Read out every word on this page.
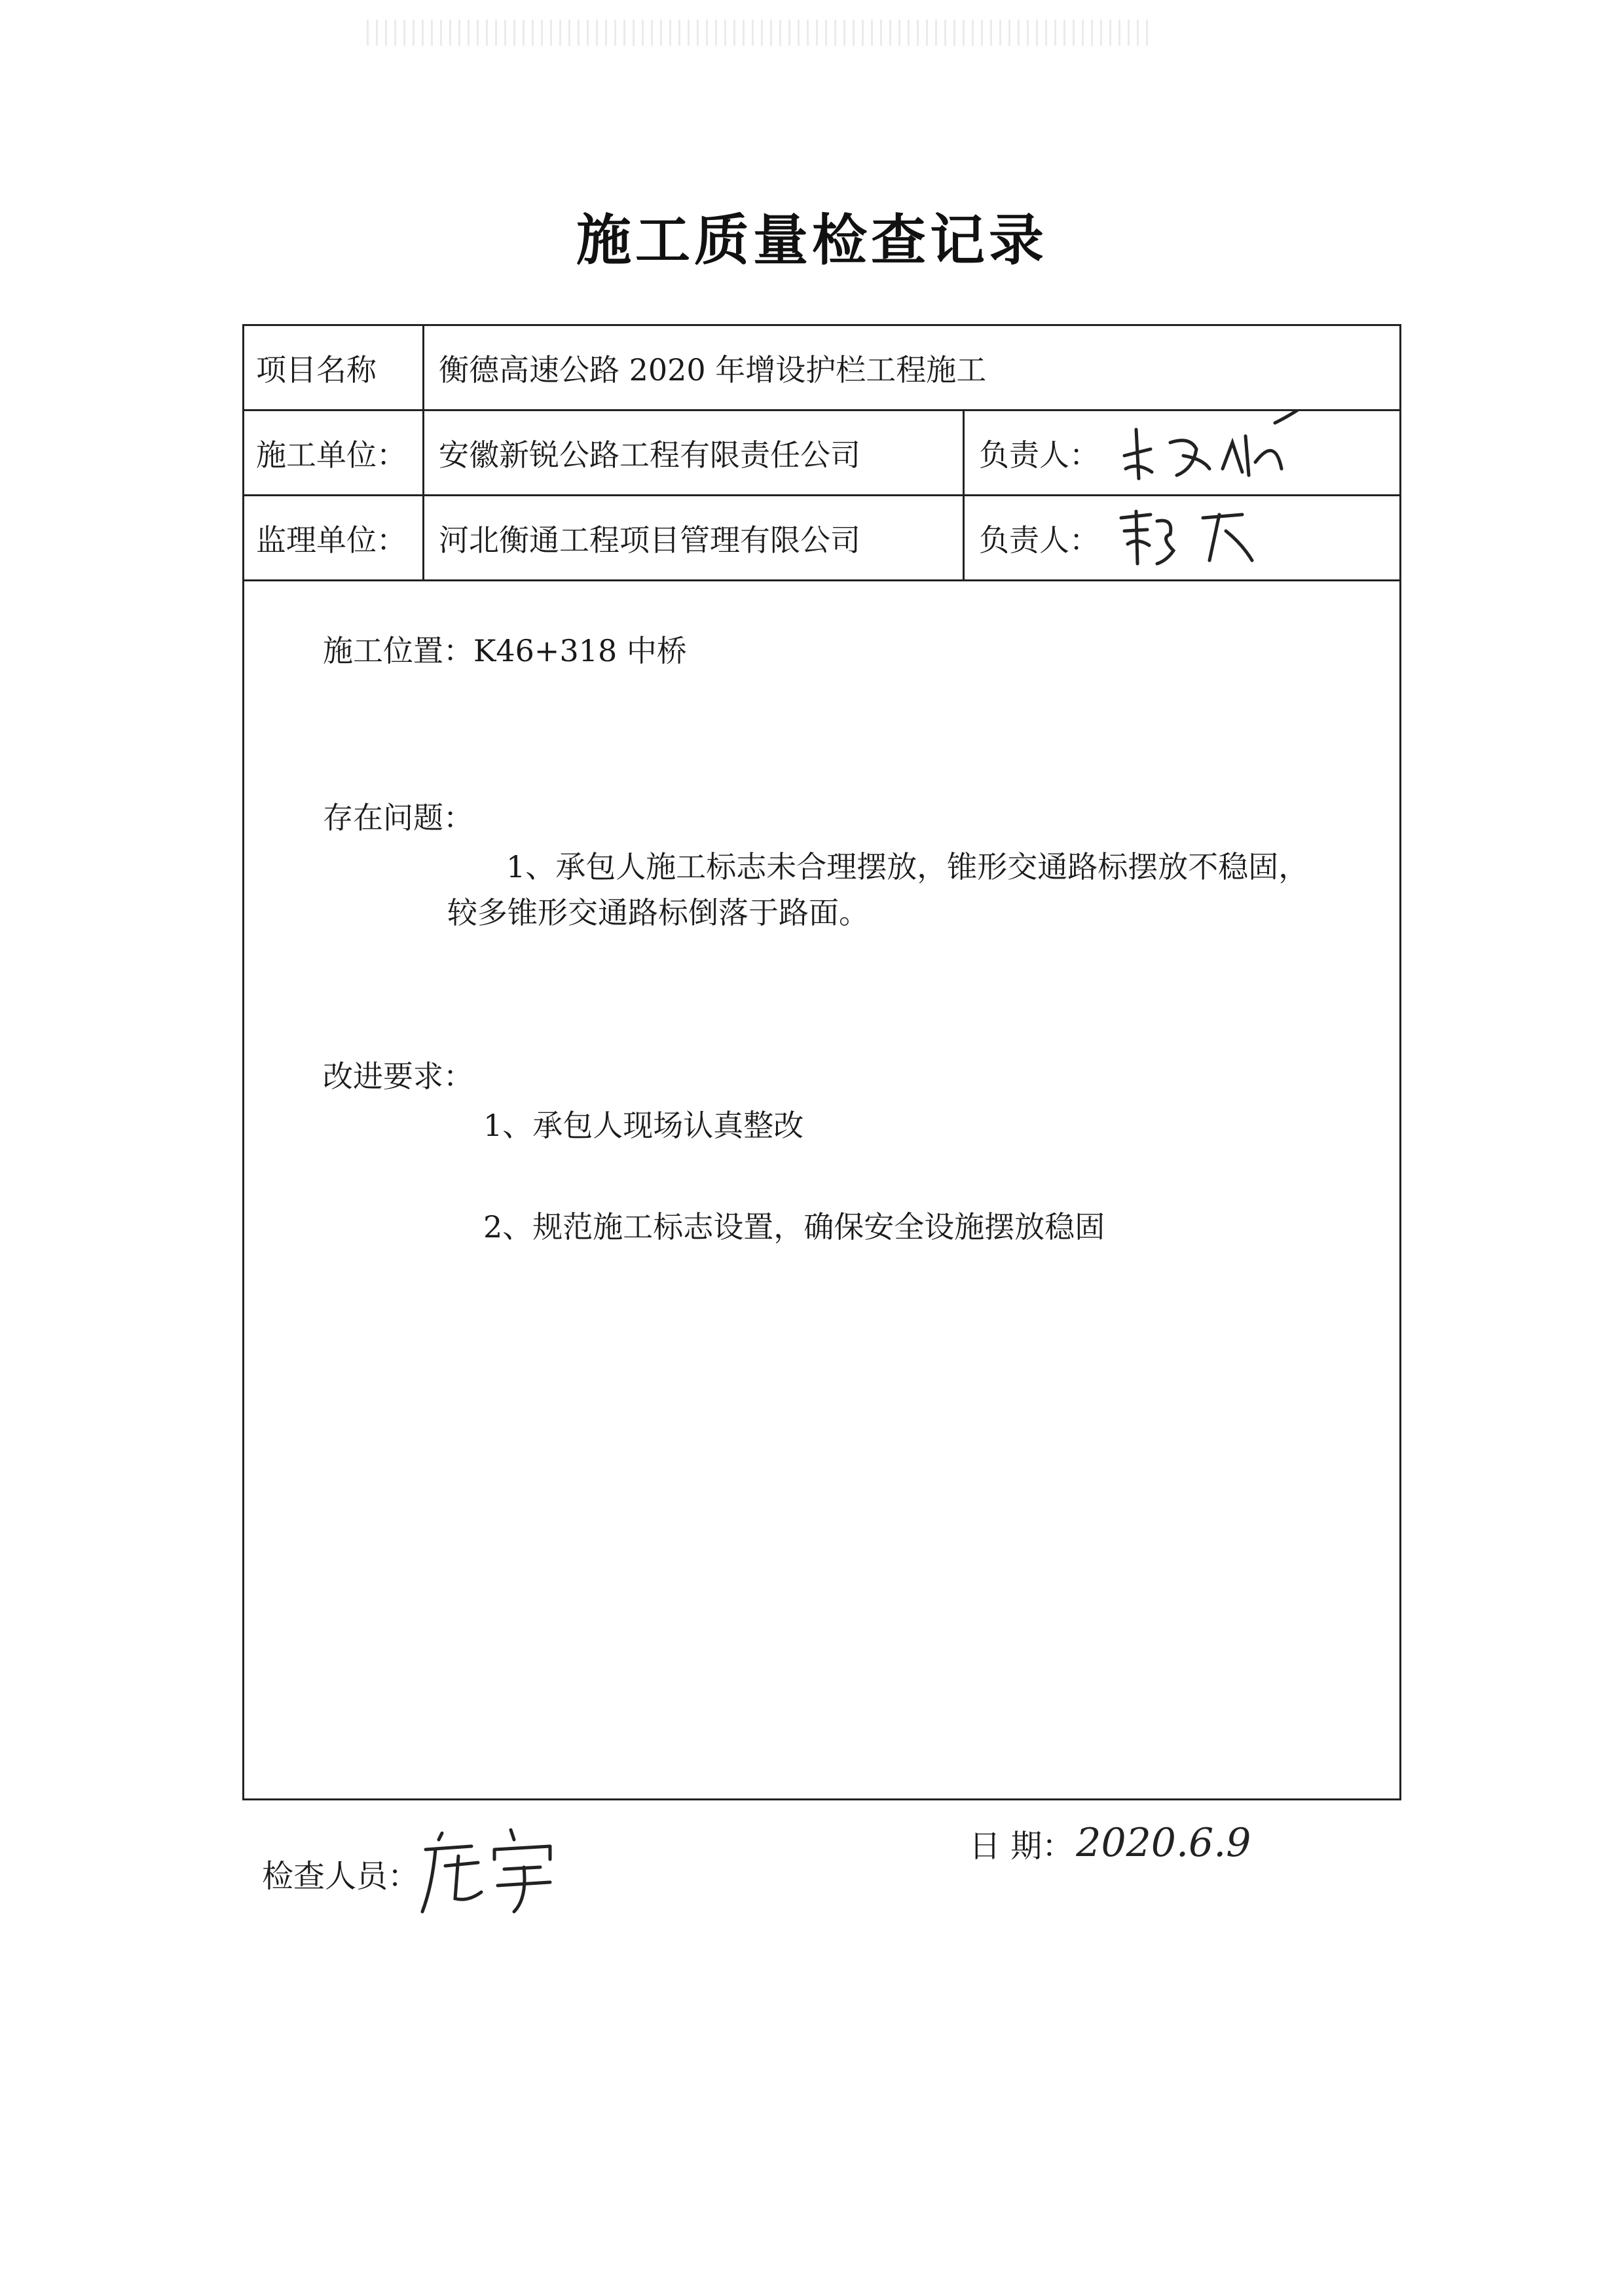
施工质量检查记录
项目名称	衡德高速公路 2020 年增设护栏工程施工
施工单位：	安徽新锐公路工程有限责任公司	负责人：
监理单位：	河北衡通工程项目管理有限公司	负责人：
施工位置：K46+318 中桥
存在问题：
1、承包人施工标志未合理摆放，锥形交通路标摆放不稳固，
较多锥形交通路标倒落于路面。
改进要求：
1、承包人现场认真整改
2、规范施工标志设置，确保安全设施摆放稳固
检查人员：
日 期： 2020.6.9
